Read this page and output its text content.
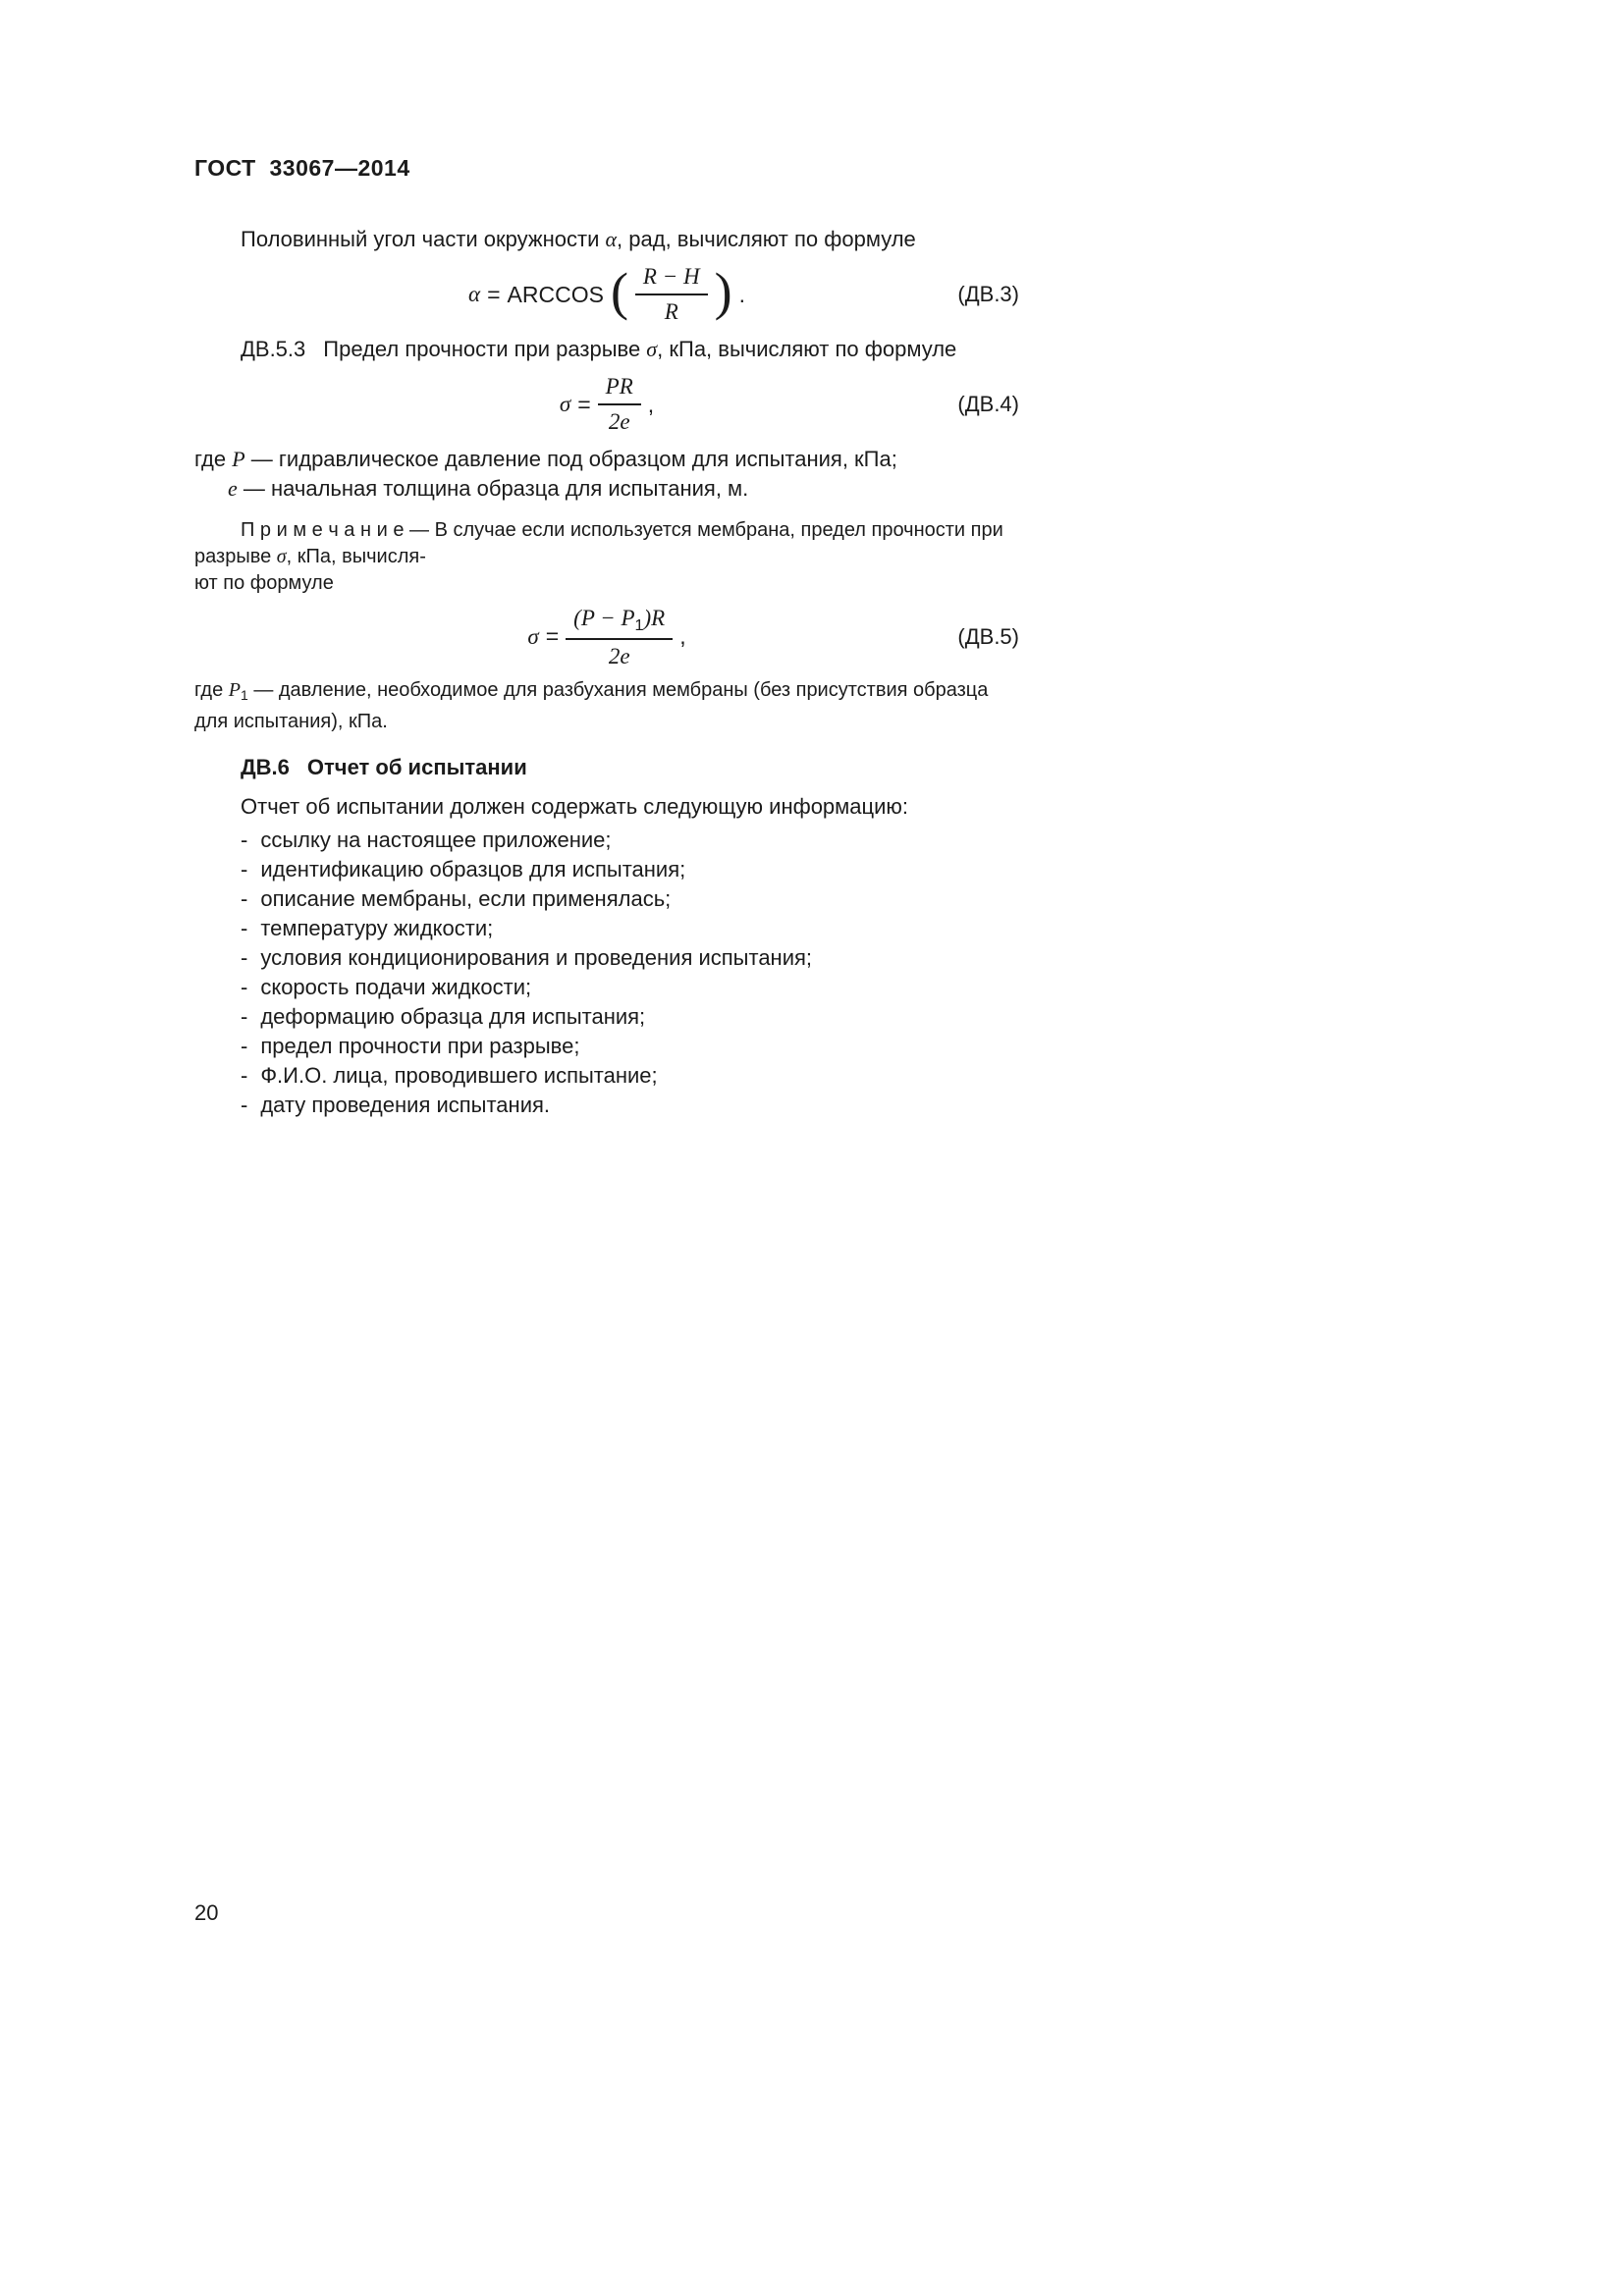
ГОСТ  33067—2014

Половинный угол части окружности α, рад, вычисляют по формуле

α = ARCCOS ( $\frac{R - H}{R}$ ) .	(ДВ.3)

ДВ.5.3 Предел прочности при разрыве σ, кПа, вычисляют по формуле

$\sigma = \frac{PR}{2e}$ ,	(ДВ.4)

где P — гидравлическое давление под образцом для испытания, кПа;

e — начальная толщина образца для испытания, м.

П р и м е ч а н и е — В случае если используется мембрана, предел прочности при разрыве σ, кПа, вычисля-
ют по формуле
$\sigma = \frac{(P - P_1)R}{2e}$ ,	(ДВ.5)

где $P_1$ — давление, необходимое для разбухания мембраны (без присутствия образца для испытания), кПа.

ДВ.6 Отчет об испытании

Отчет об испытании должен содержать следующую информацию:

- ссылку на настоящее приложение;
- идентификацию образцов для испытания;
- описание мембраны, если применялась;
- температуру жидкости;
- условия кондиционирования и проведения испытания;
- скорость подачи жидкости;
- деформацию образца для испытания;
- предел прочности при разрыве;
- Ф.И.О. лица, проводившего испытание;
- дату проведения испытания.
20
